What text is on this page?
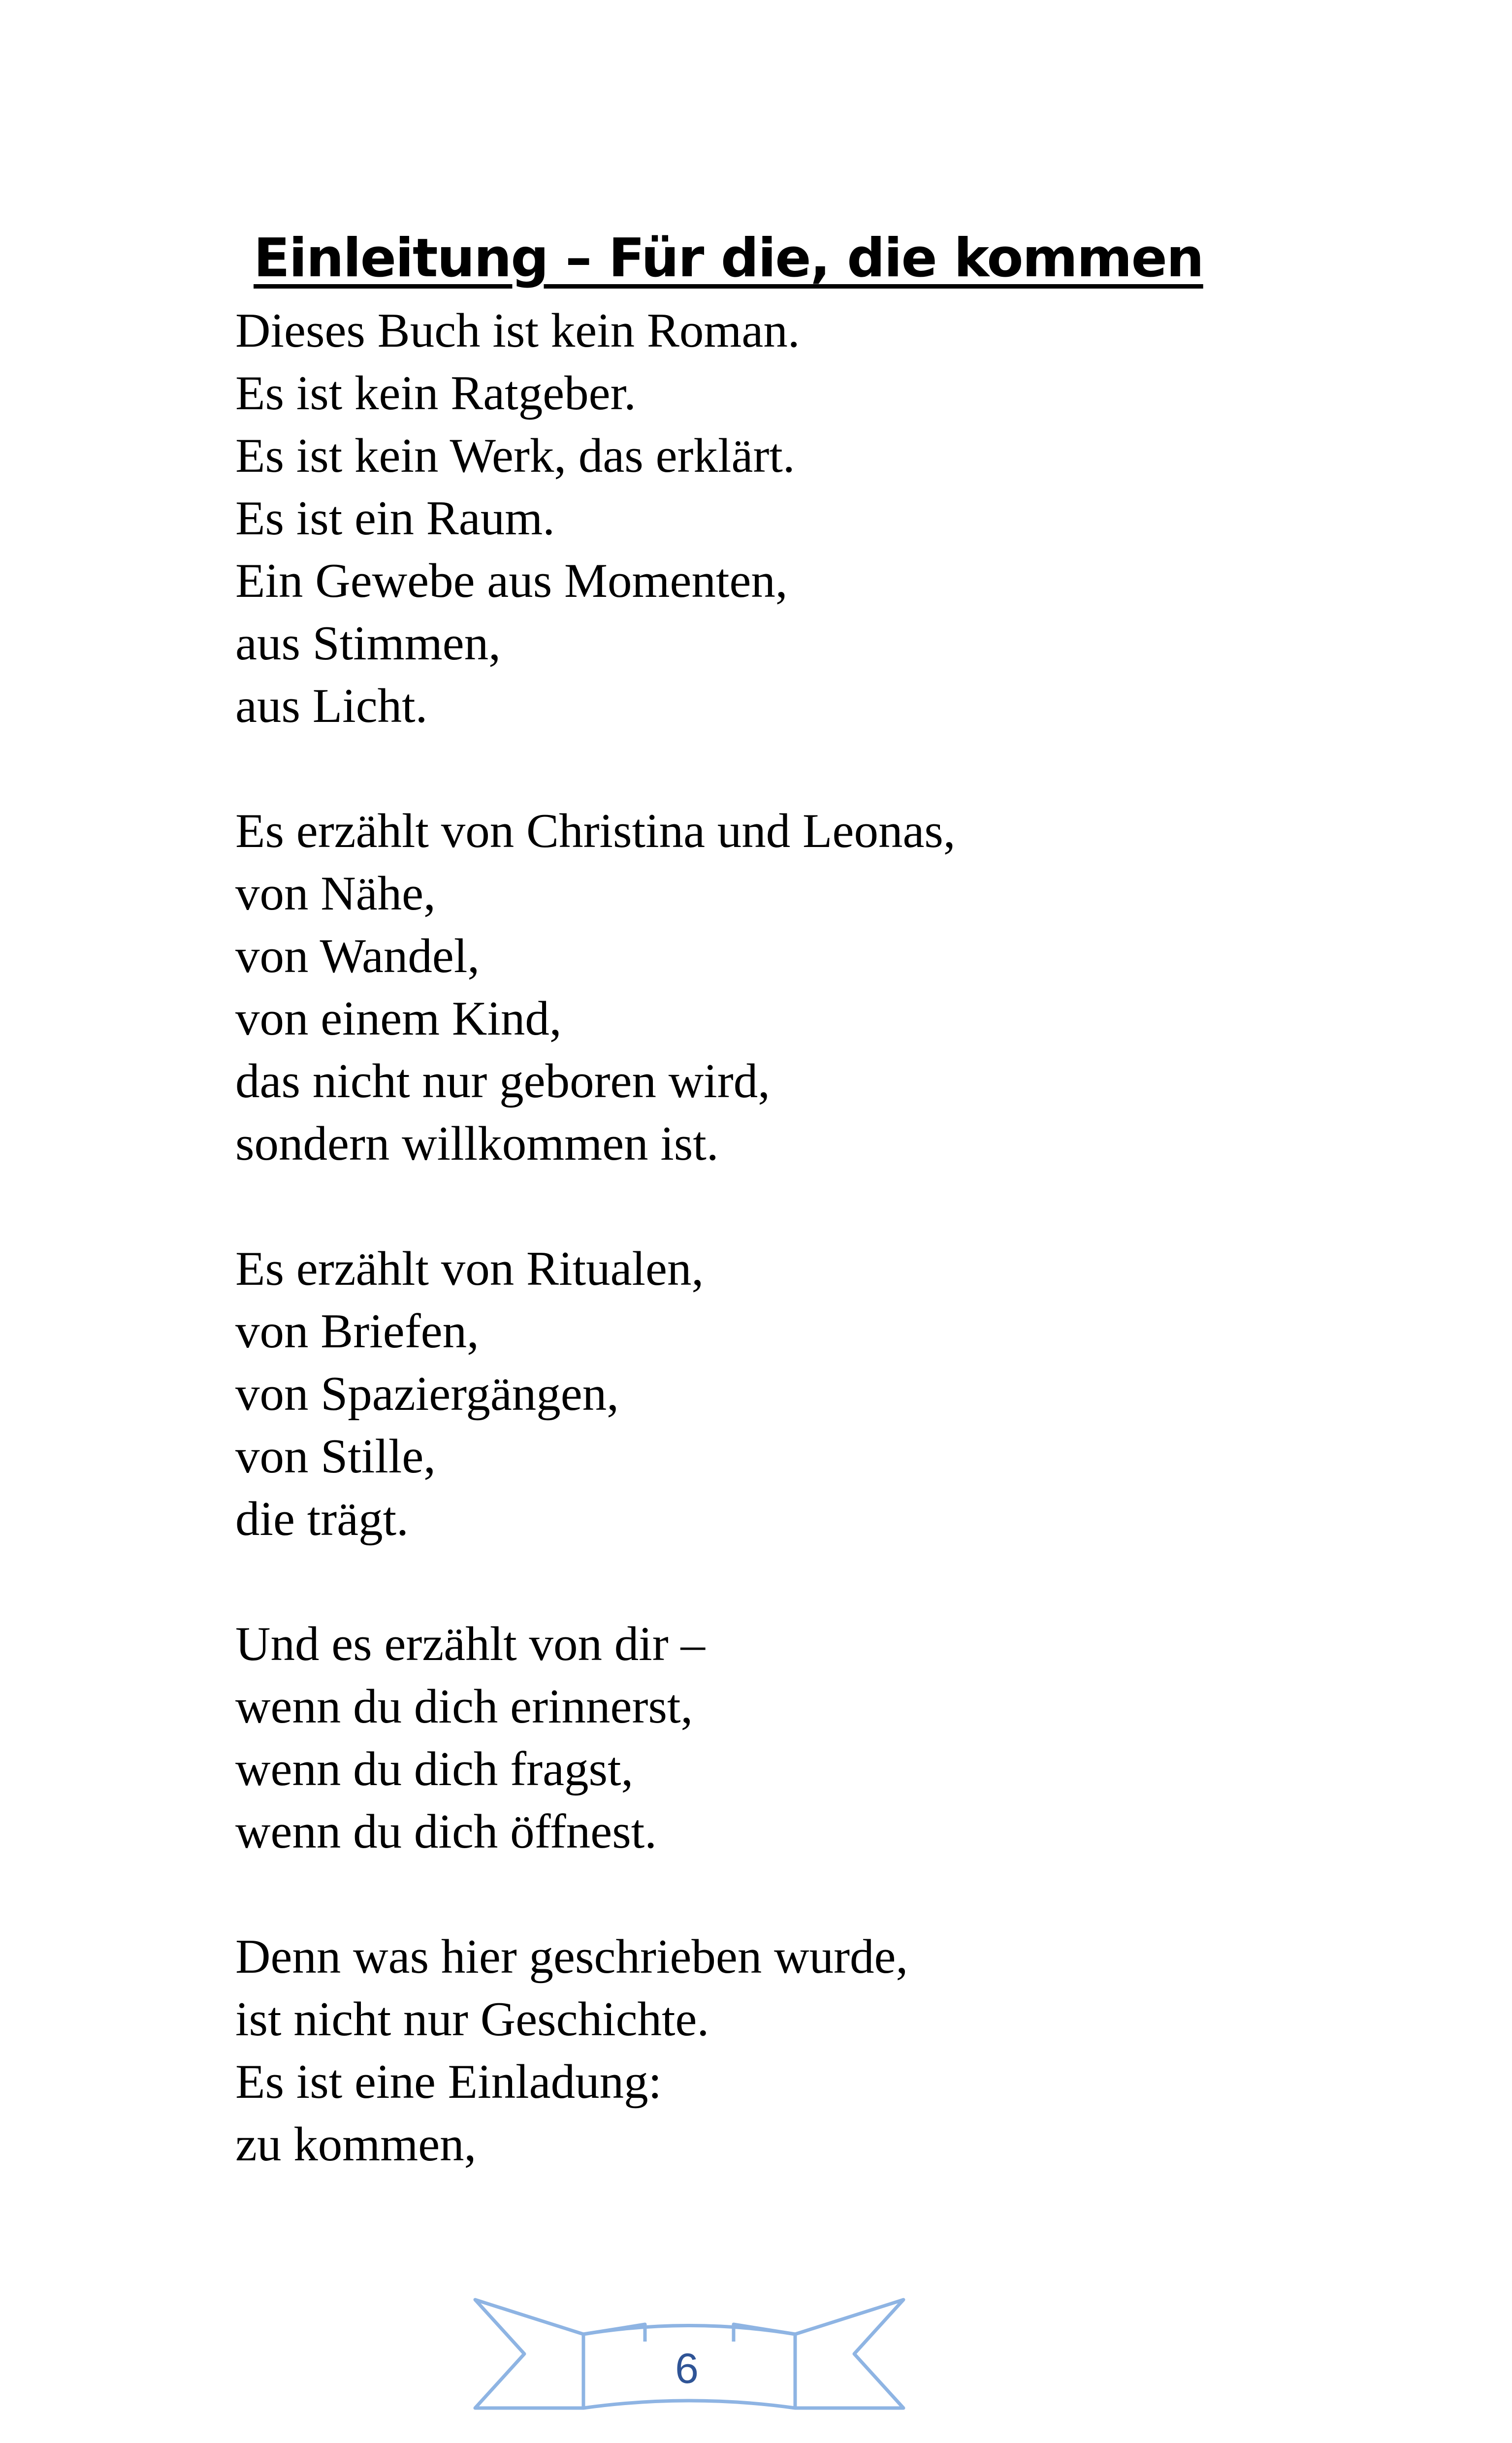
Einleitung – Für die, die kommen
Dieses Buch ist kein Roman.
Es ist kein Ratgeber.
Es ist kein Werk, das erklärt.
Es ist ein Raum.
Ein Gewebe aus Momenten,
aus Stimmen,
aus Licht.
Es erzählt von Christina und Leonas,
von Nähe,
von Wandel,
von einem Kind,
das nicht nur geboren wird,
sondern willkommen ist.
Es erzählt von Ritualen,
von Briefen,
von Spaziergängen,
von Stille,
die trägt.
Und es erzählt von dir –
wenn du dich erinnerst,
wenn du dich fragst,
wenn du dich öffnest.
Denn was hier geschrieben wurde,
ist nicht nur Geschichte.
Es ist eine Einladung:
zu kommen,
6
